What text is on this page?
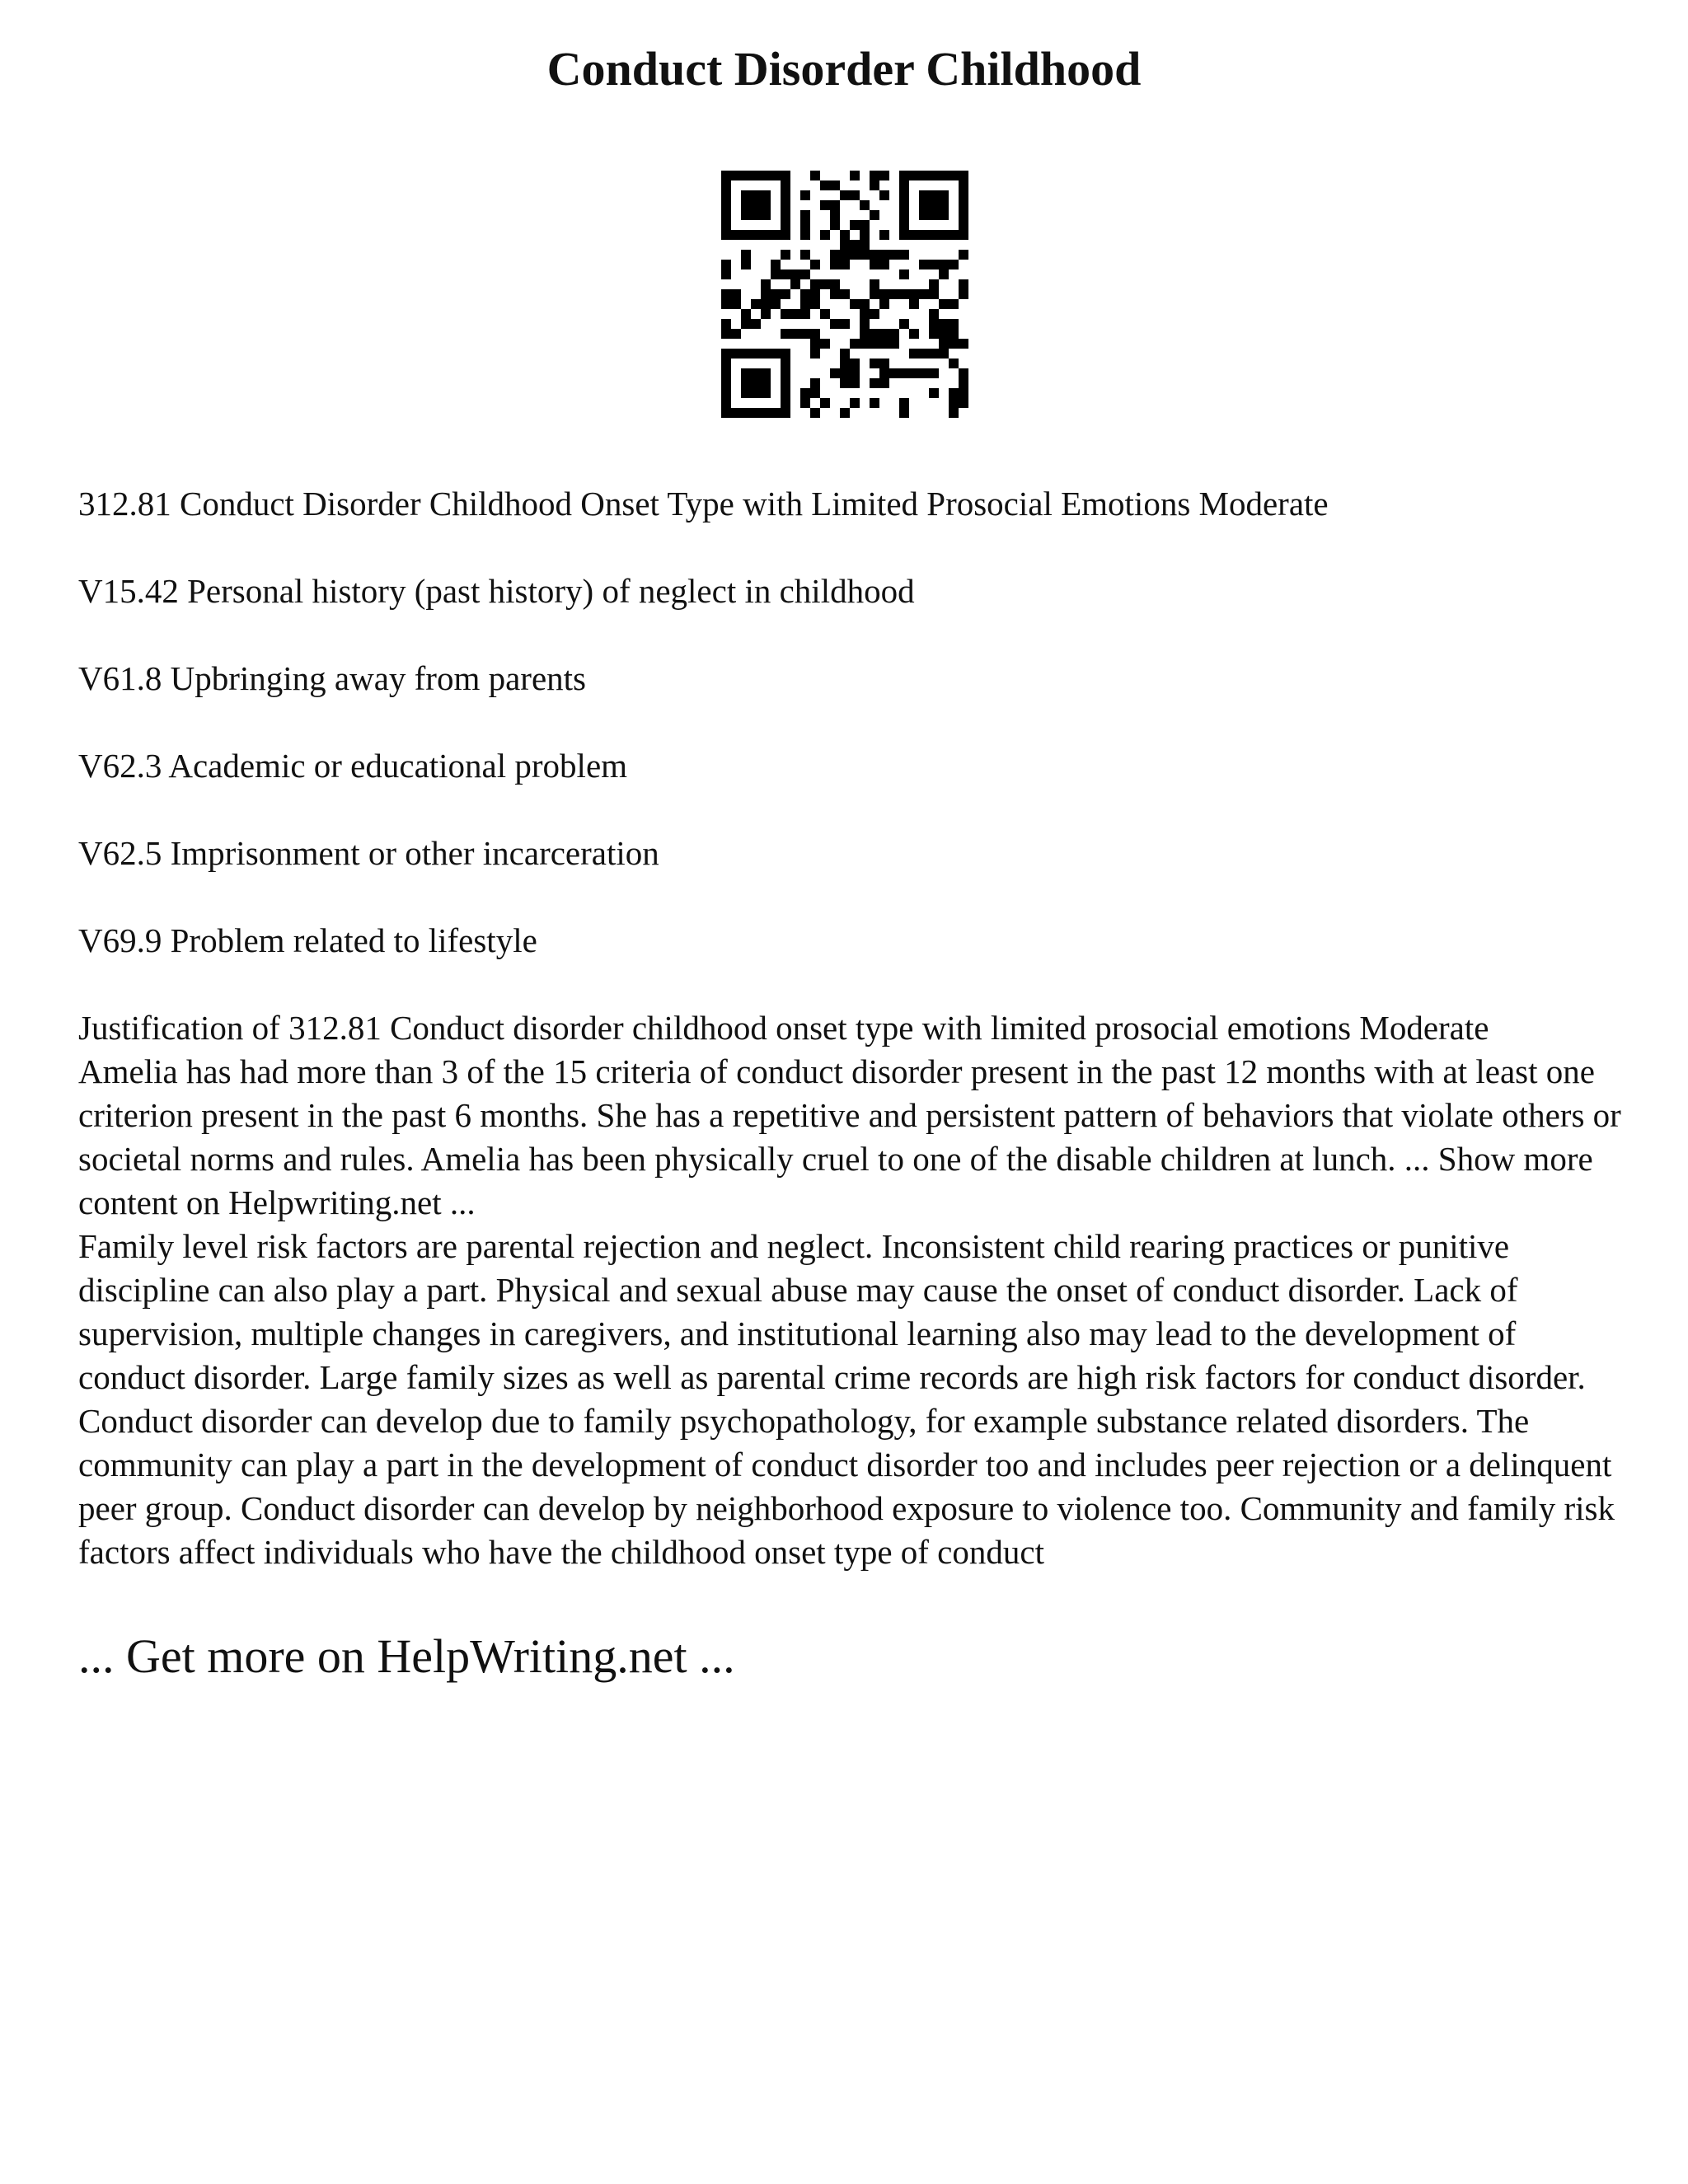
Conduct Disorder Childhood

312.81 Conduct Disorder Childhood Onset Type with Limited Prosocial Emotions Moderate

V15.42 Personal history (past history) of neglect in childhood

V61.8 Upbringing away from parents

V62.3 Academic or educational problem

V62.5 Imprisonment or other incarceration

V69.9 Problem related to lifestyle

Justification of 312.81 Conduct disorder childhood onset type with limited prosocial emotions Moderate

Amelia has had more than 3 of the 15 criteria of conduct disorder present in the past 12 months with at least one criterion present in the past 6 months. She has a repetitive and persistent pattern of behaviors that violate others or societal norms and rules. Amelia has been physically cruel to one of the disable children at lunch. ... Show more content on Helpwriting.net ...

Family level risk factors are parental rejection and neglect. Inconsistent child rearing practices or punitive discipline can also play a part. Physical and sexual abuse may cause the onset of conduct disorder. Lack of supervision, multiple changes in caregivers, and institutional learning also may lead to the development of conduct disorder. Large family sizes as well as parental crime records are high risk factors for conduct disorder. Conduct disorder can develop due to family psychopathology, for example substance related disorders. The community can play a part in the development of conduct disorder too and includes peer rejection or a delinquent peer group. Conduct disorder can develop by neighborhood exposure to violence too. Community and family risk factors affect individuals who have the childhood onset type of conduct

... Get more on HelpWriting.net ...
